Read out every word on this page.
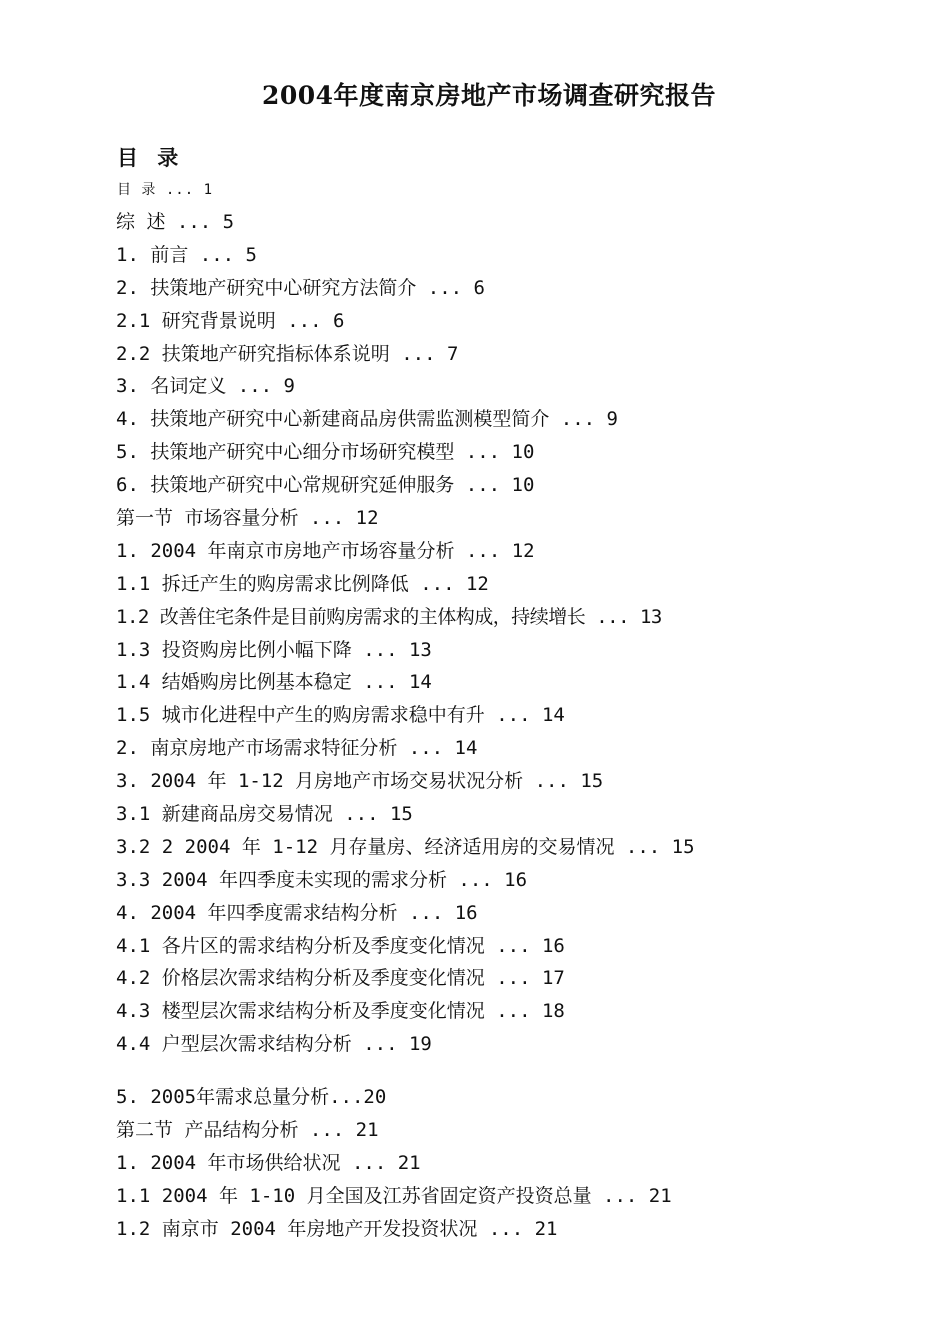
2004年度南京房地产市场调查研究报告
目 录
目 录 ... 1
综 述 ... 5
1. 前言 ... 5
2. 扶策地产研究中心研究方法简介 ... 6
2.1 研究背景说明 ... 6
2.2 扶策地产研究指标体系说明 ... 7
3. 名词定义 ... 9
4. 扶策地产研究中心新建商品房供需监测模型简介 ... 9
5. 扶策地产研究中心细分市场研究模型 ... 10
6. 扶策地产研究中心常规研究延伸服务 ... 10
第一节 市场容量分析 ... 12
1. 2004 年南京市房地产市场容量分析 ... 12
1.1 拆迁产生的购房需求比例降低 ... 12
1.2 改善住宅条件是目前购房需求的主体构成，持续增长 ... 13
1.3 投资购房比例小幅下降 ... 13
1.4 结婚购房比例基本稳定 ... 14
1.5 城市化进程中产生的购房需求稳中有升 ... 14
2. 南京房地产市场需求特征分析 ... 14
3. 2004 年 1-12 月房地产市场交易状况分析 ... 15
3.1 新建商品房交易情况 ... 15
3.2 2 2004 年 1-12 月存量房、经济适用房的交易情况 ... 15
3.3 2004 年四季度未实现的需求分析 ... 16
4. 2004 年四季度需求结构分析 ... 16
4.1 各片区的需求结构分析及季度变化情况 ... 16
4.2 价格层次需求结构分析及季度变化情况 ... 17
4.3 楼型层次需求结构分析及季度变化情况 ... 18
4.4 户型层次需求结构分析 ... 19
5. 2005年需求总量分析...20
第二节 产品结构分析 ... 21
1. 2004 年市场供给状况 ... 21
1.1 2004 年 1-10 月全国及江苏省固定资产投资总量 ... 21
1.2 南京市 2004 年房地产开发投资状况 ... 21
